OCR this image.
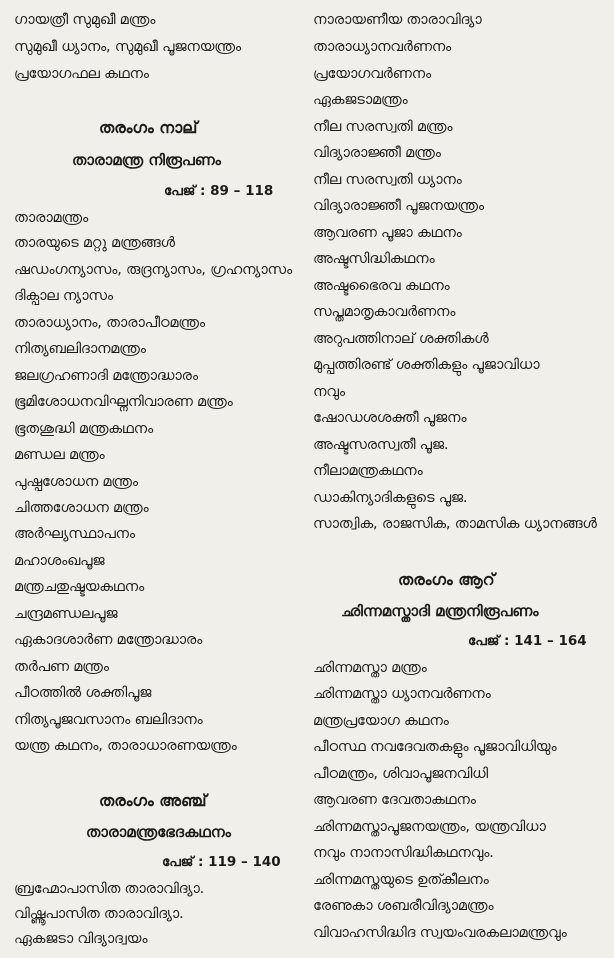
ഗായത്രീ സുമുഖീ മന്ത്രം
സുമുഖീ ധ്യാനം, സുമുഖീ പൂജനയന്ത്രം
പ്രയോഗഫല കഥനം
തരംഗം നാല്
താരാമന്ത്ര നിരൂപണം
പേജ് : 89 – 118
താരാമന്ത്രം
താരയുടെ മറ്റു മന്ത്രങ്ങൾ
ഷഡംഗന്യാസം, രുദ്രന്യാസം, ഗ്രഹന്യാസം
ദിക്പാല ന്യാസം
താരാധ്യാനം, താരാപീഠമന്ത്രം
നിത്യബലിദാനമന്ത്രം
ജലഗ്രഹണാദി മന്ത്രോദ്ധാരം
ഭൂമിശോധനവിഘ്നനിവാരണ മന്ത്രം
ഭൂതശുദ്ധി മന്ത്രകഥനം
മണ്ഡല മന്ത്രം
പുഷ്പശോധന മന്ത്രം
ചിത്തശോധന മന്ത്രം
അർഘ്യസ്ഥാപനം
മഹാശംഖപൂജ
മന്ത്രചതുഷ്ടയകഥനം
ചന്ദ്രമണ്ഡലപൂജ
ഏകാദശാർണ മന്ത്രോദ്ധാരം
തർപണ മന്ത്രം
പീഠത്തിൽ ശക്തിപൂജ
നിത്യപൂജവസാനം ബലിദാനം
യന്ത്ര കഥനം, താരാധാരണയന്ത്രം
തരംഗം അഞ്ച്
താരാമന്ത്രഭേദകഥനം
പേജ് : 119 – 140
ബ്രഹ്മോപാസിത താരാവിദ്യാ.
വിഷ്ണൂപാസിത താരാവിദ്യാ.
ഏകജടാ വിദ്യാദ്വയം
നാരായണീയ താരാവിദ്യാ
താരാധ്യാനവർണനം
പ്രയോഗവർണനം
ഏകജടാമന്ത്രം
നീല സരസ്വതി മന്ത്രം
വിദ്യാരാജ്ഞീ മന്ത്രം
നീല സരസ്വതി ധ്യാനം
വിദ്യാരാജ്ഞീ പൂജനയന്ത്രം
ആവരണ പൂജാ കഥനം
അഷ്ടസിദ്ധികഥനം
അഷ്ടഭൈരവ കഥനം
സപ്തമാതൃകാവർണനം
അറുപത്തിനാല് ശക്തികൾ
മുപ്പത്തിരണ്ട് ശക്തികളും പൂജാവിധാ
നവും
ഷോഡശശക്തീ പൂജനം
അഷ്ടസരസ്വതീ പൂജ.
നീലാമന്ത്രകഥനം
ഡാകിന്യാദികളുടെ പൂജ.
സാത്വിക, രാജസിക, താമസിക ധ്യാനങ്ങൾ
തരംഗം ആറ്
ഛിന്നമസ്താദി മന്ത്രനിരൂപണം
പേജ് : 141 – 164
ഛിന്നമസ്താ മന്ത്രം
ഛിന്നമസ്താ ധ്യാനവർണനം
മന്ത്രപ്രയോഗ കഥനം
പീഠസ്ഥ നവദേവതകളും പൂജാവിധിയും
പീഠമന്ത്രം, ശിവാപൂജനവിധി
ആവരണ ദേവതാകഥനം
ഛിന്നമസ്താപൂജനയന്ത്രം, യന്ത്രവിധാ
നവും നാനാസിദ്ധികഥനവും.
ഛിന്നമസ്തയുടെ ഉത്കീലനം
രേണുകാ ശബരീവിദ്യാമന്ത്രം
വിവാഹസിദ്ധിദ സ്വയംവരകലാമന്ത്രവും
